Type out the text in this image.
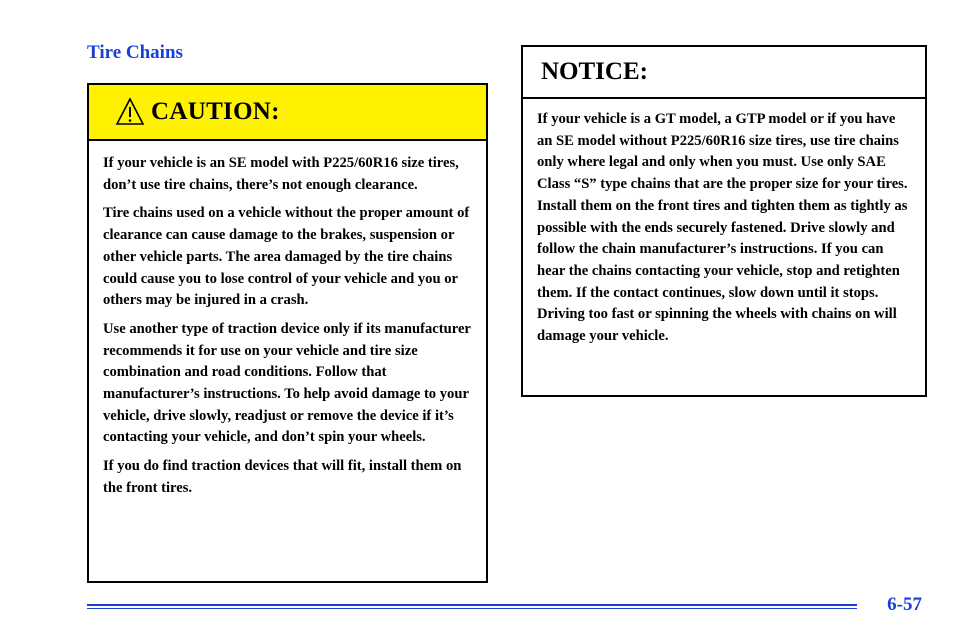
Tire Chains
CAUTION:

If your vehicle is an SE model with P225/60R16 size tires, don’t use tire chains, there’s not enough clearance.

Tire chains used on a vehicle without the proper amount of clearance can cause damage to the brakes, suspension or other vehicle parts. The area damaged by the tire chains could cause you to lose control of your vehicle and you or others may be injured in a crash.

Use another type of traction device only if its manufacturer recommends it for use on your vehicle and tire size combination and road conditions. Follow that manufacturer’s instructions. To help avoid damage to your vehicle, drive slowly, readjust or remove the device if it’s contacting your vehicle, and don’t spin your wheels.

If you do find traction devices that will fit, install them on the front tires.

NOTICE:

If your vehicle is a GT model, a GTP model or if you have an SE model without P225/60R16 size tires, use tire chains only where legal and only when you must. Use only SAE Class “S” type chains that are the proper size for your tires. Install them on the front tires and tighten them as tightly as possible with the ends securely fastened. Drive slowly and follow the chain manufacturer’s instructions. If you can hear the chains contacting your vehicle, stop and retighten them. If the contact continues, slow down until it stops. Driving too fast or spinning the wheels with chains on will damage your vehicle.

6-57
